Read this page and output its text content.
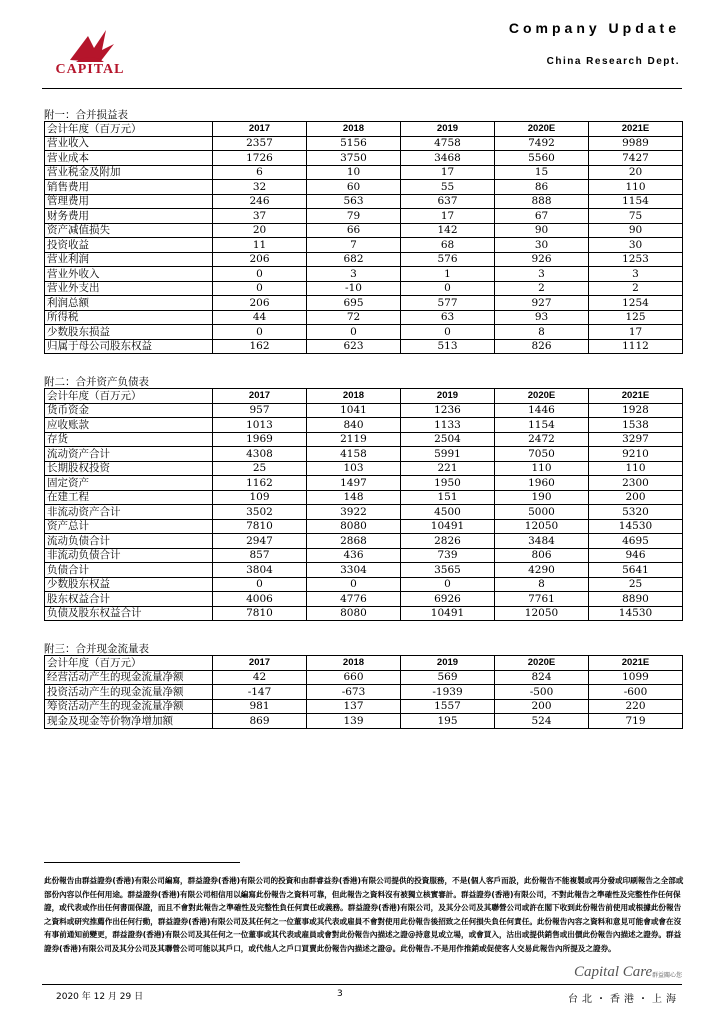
CAPITAL
Company Update
China Research Dept.
附一：合并损益表
会计年度（百万元）	2017	2018	2019	2020E	2021E
营业收入	2357	5156	4758	7492	9989
营业成本	1726	3750	3468	5560	7427
营业税金及附加	6	10	17	15	20
销售费用	32	60	55	86	110
管理费用	246	563	637	888	1154
财务费用	37	79	17	67	75
资产减值损失	20	66	142	90	90
投资收益	11	7	68	30	30
营业利润	206	682	576	926	1253
营业外收入	0	3	1	3	3
营业外支出	0	-10	0	2	2
利润总额	206	695	577	927	1254
所得税	44	72	63	93	125
少数股东损益	0	0	0	8	17
归属于母公司股东权益	162	623	513	826	1112
附二：合并资产负债表
会计年度（百万元）	2017	2018	2019	2020E	2021E
货币资金	957	1041	1236	1446	1928
应收账款	1013	840	1133	1154	1538
存货	1969	2119	2504	2472	3297
流动资产合计	4308	4158	5991	7050	9210
长期股权投资	25	103	221	110	110
固定资产	1162	1497	1950	1960	2300
在建工程	109	148	151	190	200
非流动资产合计	3502	3922	4500	5000	5320
资产总计	7810	8080	10491	12050	14530
流动负债合计	2947	2868	2826	3484	4695
非流动负债合计	857	436	739	806	946
负债合计	3804	3304	3565	4290	5641
少数股东权益	0	0	0	8	25
股东权益合计	4006	4776	6926	7761	8890
负债及股东权益合计	7810	8080	10491	12050	14530
附三：合并现金流量表
会计年度（百万元）	2017	2018	2019	2020E	2021E
经营活动产生的现金流量净额	42	660	569	824	1099
投资活动产生的现金流量净额	-147	-673	-1939	-500	-600
筹资活动产生的现金流量净额	981	137	1557	200	220
现金及现金等价物净增加额	869	139	195	524	719
此份報告由群益證券(香港)有限公司編寫，群益證券(香港)有限公司的投資和由群睿益券(香港)有限公司提供的投資服務，不是(個人客戶而設，此份報告不能複製或再分發或印刷報告之全部或部份內容以作任何用途。群益證券(香港)有限公司相信用以編寫此份報告之資料可靠，但此報告之資料沒有被獨立核實審計。群益證券(香港)有限公司，不對此報告之準確性及完整性作任何保證，或代表或作出任何書面保證，而且不會對此報告之準確性及完整性負任何責任或義務。群益證券(香港)有限公司，及其分公司及其聯營公司或許在閣下收到此份報告前使用或根據此份報告之資料或研究推薦作出任何行動，群益證券(香港)有限公司及其任何之一位董事或其代表或雇員不會對使用此份報告後招致之任何損失負任何責任。此份報告內容之資料和意見可能會或會在沒有事前通知前變更，群益證券(香港)有限公司及其任何之一位董事或其代表或雇員或會對此份報告內描述之證@持意見或立場，或會買入，沽出或提供銷售或出價此份報告內描述之證券。群益證券(香港)有限公司及其分公司及其聯營公司可能以其戶口，或代他人之戶口買賣此份報告內描述之證@。此份報告.不是用作推銷或促使客人交易此報告內所提及之證券。
Capital Care 群益關心您
2020 年 12 月 29 日	3	台北・香港・上海
